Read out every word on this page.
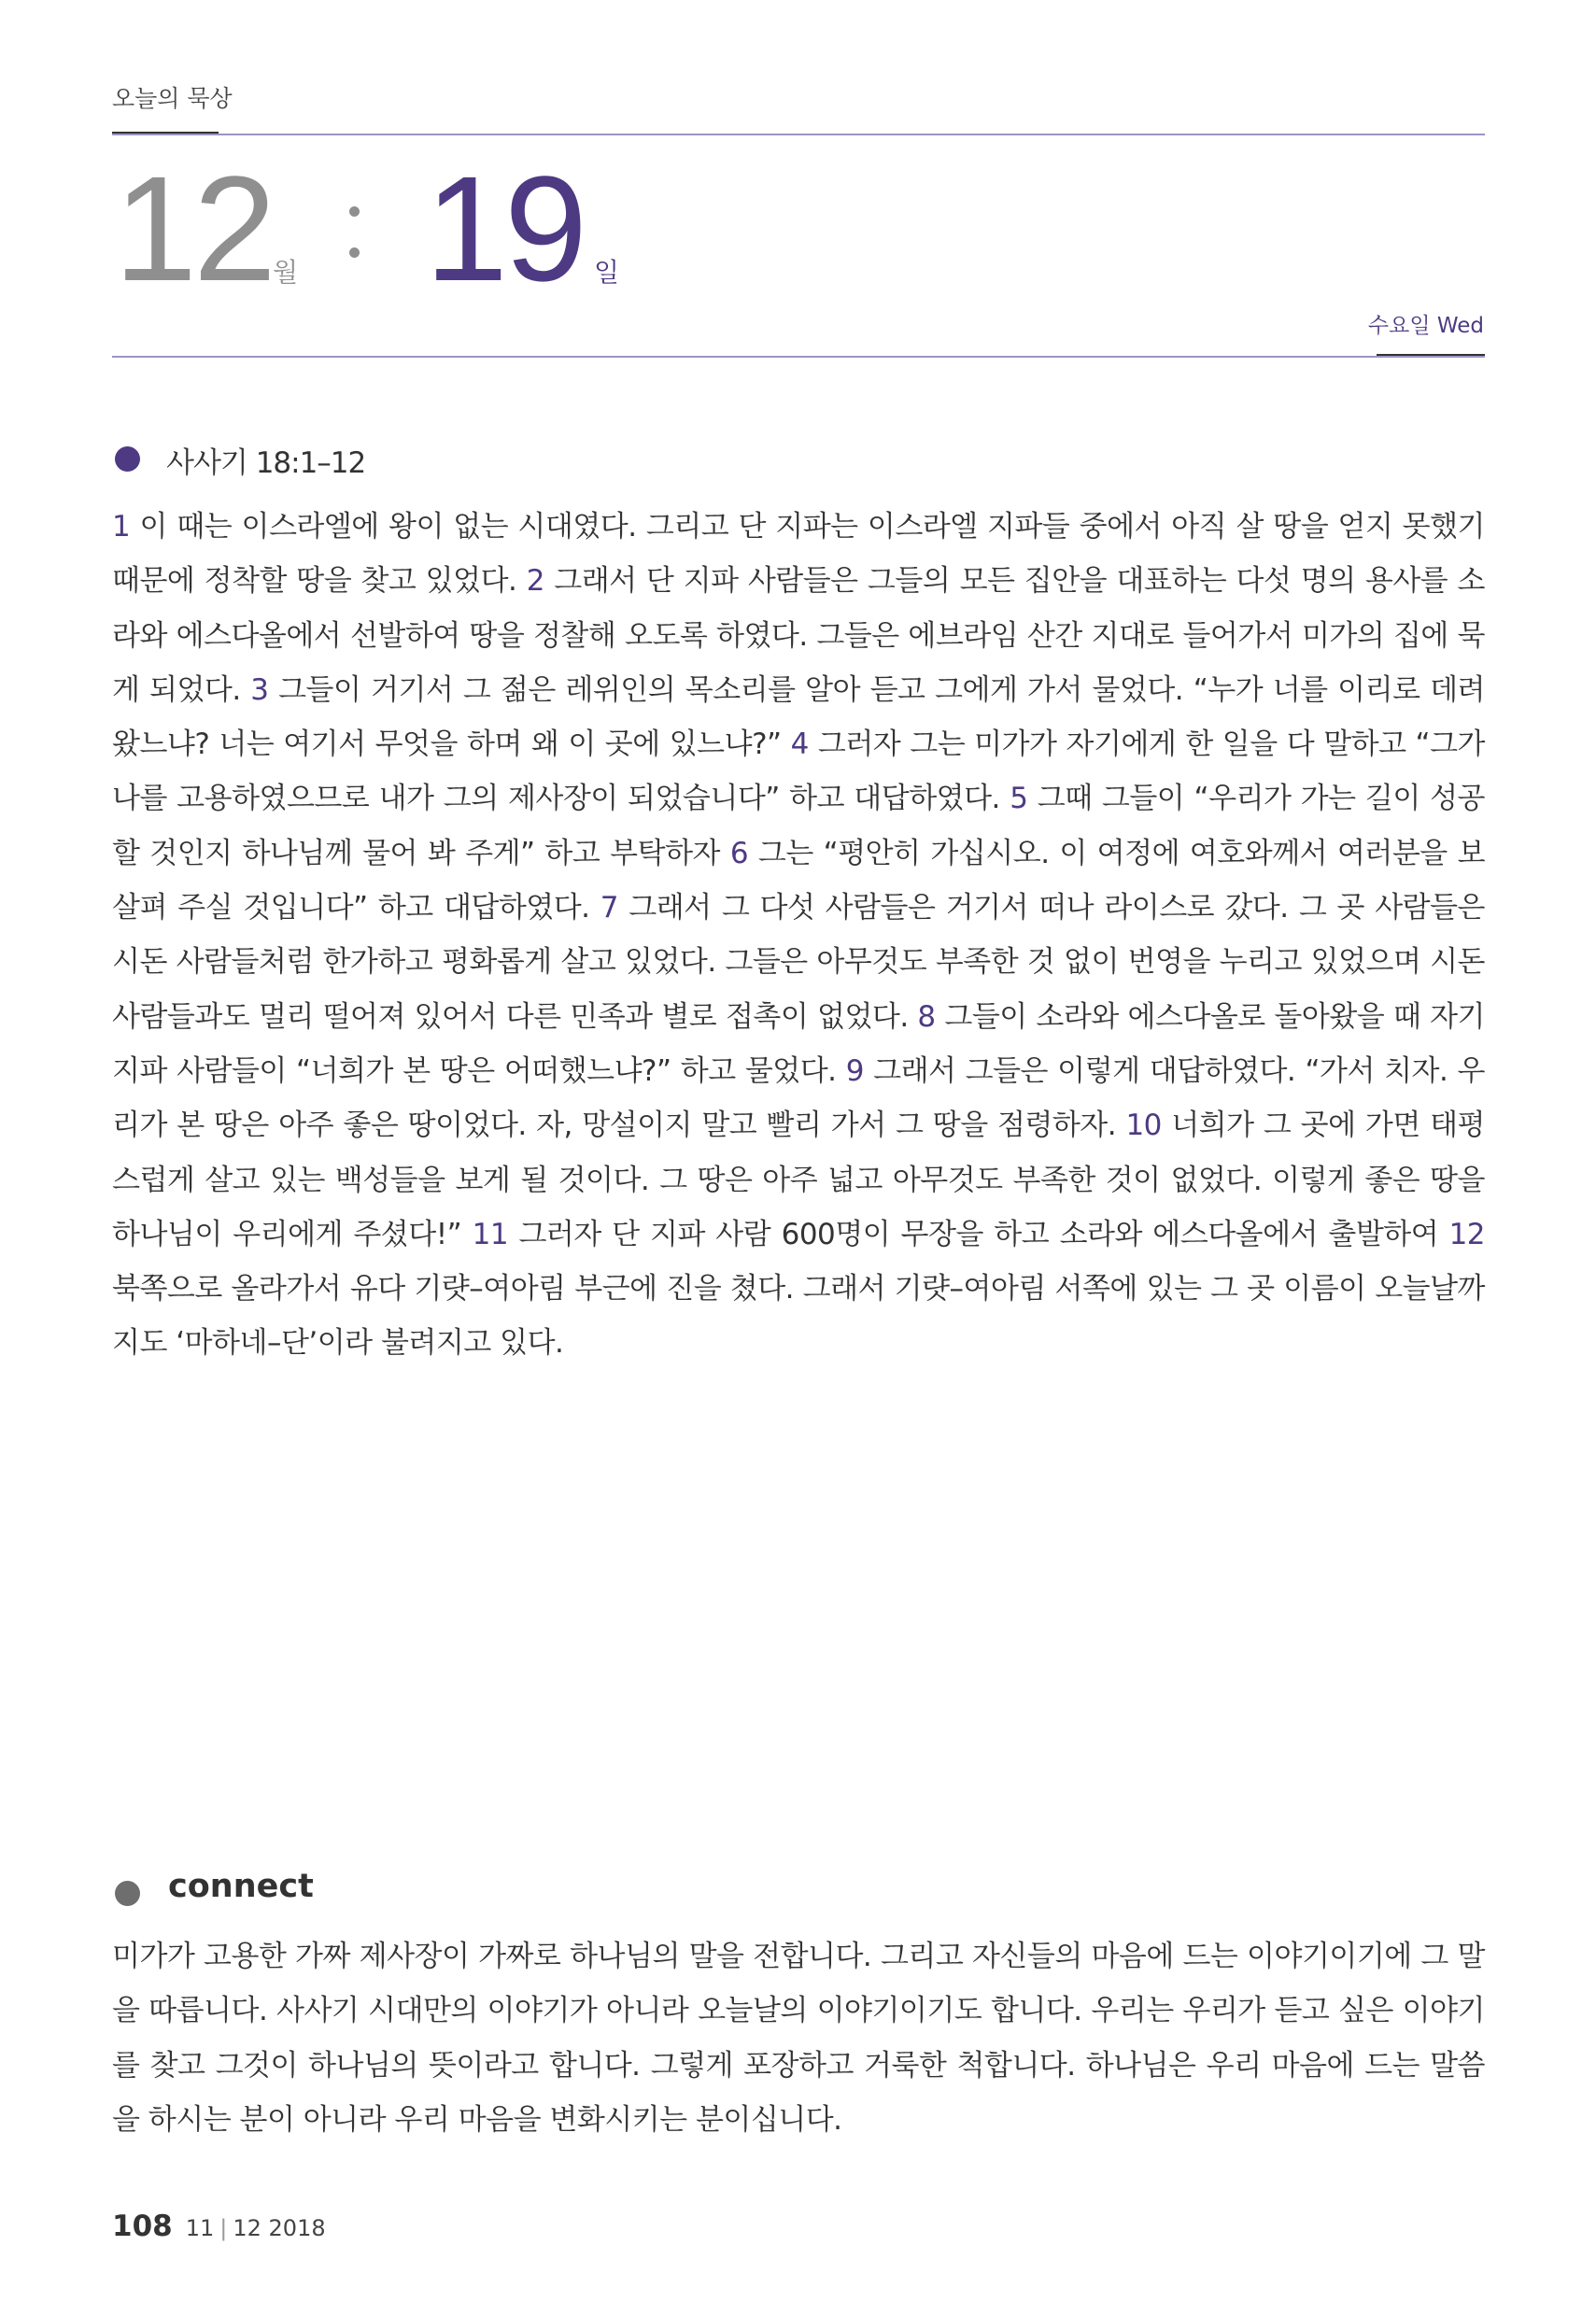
오늘의 묵상
12 월 19 일
수요일 Wed
사사기 18:1–12
1 이 때는 이스라엘에 왕이 없는 시대였다. 그리고 단 지파는 이스라엘 지파들 중에서 아직 살 땅을 얻지 못했기 때문에 정착할 땅을 찾고 있었다. 2 그래서 단 지파 사람들은 그들의 모든 집안을 대표하는 다섯 명의 용사를 소라와 에스다올에서 선발하여 땅을 정찰해 오도록 하였다. 그들은 에브라임 산간 지대로 들어가서 미가의 집에 묵게 되었다. 3 그들이 거기서 그 젊은 레위인의 목소리를 알아 듣고 그에게 가서 물었다. “누가 너를 이리로 데려왔느냐? 너는 여기서 무엇을 하며 왜 이 곳에 있느냐?” 4 그러자 그는 미가가 자기에게 한 일을 다 말하고 “그가 나를 고용하였으므로 내가 그의 제사장이 되었습니다” 하고 대답하였다. 5 그때 그들이 “우리가 가는 길이 성공할 것인지 하나님께 물어 봐 주게” 하고 부탁하자 6 그는 “평안히 가십시오. 이 여정에 여호와께서 여러분을 보살펴 주실 것입니다” 하고 대답하였다. 7 그래서 그 다섯 사람들은 거기서 떠나 라이스로 갔다. 그 곳 사람들은 시돈 사람들처럼 한가하고 평화롭게 살고 있었다. 그들은 아무것도 부족한 것 없이 번영을 누리고 있었으며 시돈 사람들과도 멀리 떨어져 있어서 다른 민족과 별로 접촉이 없었다. 8 그들이 소라와 에스다올로 돌아왔을 때 자기 지파 사람들이 “너희가 본 땅은 어떠했느냐?” 하고 물었다. 9 그래서 그들은 이렇게 대답하였다. “가서 치자. 우리가 본 땅은 아주 좋은 땅이었다. 자, 망설이지 말고 빨리 가서 그 땅을 점령하자. 10 너희가 그 곳에 가면 태평스럽게 살고 있는 백성들을 보게 될 것이다. 그 땅은 아주 넓고 아무것도 부족한 것이 없었다. 이렇게 좋은 땅을 하나님이 우리에게 주셨다!” 11 그러자 단 지파 사람 600명이 무장을 하고 소라와 에스다올에서 출발하여 12 북쪽으로 올라가서 유다 기럇–여아림 부근에 진을 쳤다. 그래서 기럇–여아림 서쪽에 있는 그 곳 이름이 오늘날까지도 ‘마하네–단’이라 불려지고 있다.
connect
미가가 고용한 가짜 제사장이 가짜로 하나님의 말을 전합니다. 그리고 자신들의 마음에 드는 이야기이기에 그 말을 따릅니다. 사사기 시대만의 이야기가 아니라 오늘날의 이야기이기도 합니다. 우리는 우리가 듣고 싶은 이야기를 찾고 그것이 하나님의 뜻이라고 합니다. 그렇게 포장하고 거룩한 척합니다. 하나님은 우리 마음에 드는 말씀을 하시는 분이 아니라 우리 마음을 변화시키는 분이십니다.
108 11 | 12 2018
